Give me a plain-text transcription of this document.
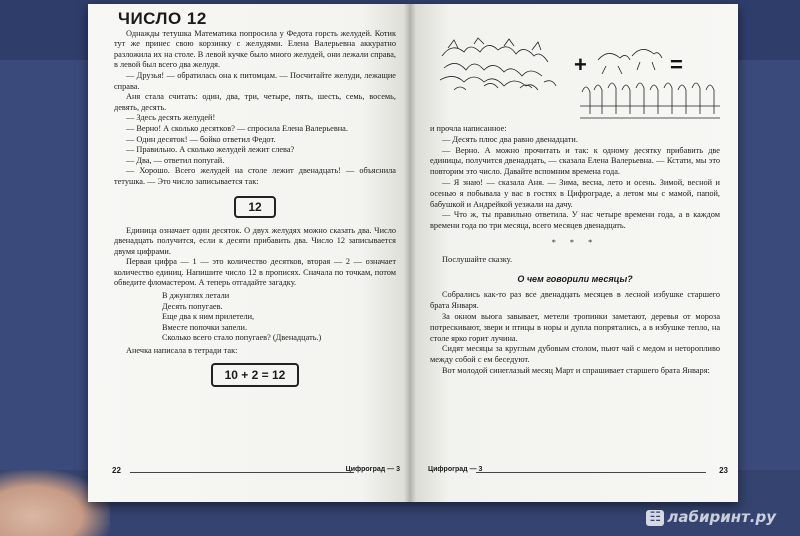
ЧИСЛО 12

Однажды тетушка Математика попросила у Федота горсть желудей. Котик тут же принес свою корзинку с желудями. Елена Валерьевна аккуратно разложила их на столе. В левой кучке было много желудей, они лежали справа, в левой был всего два желудя.

— Друзья! — обратилась она к питомцам. — Посчитайте желуди, лежащие справа.

Аня стала считать: один, два, три, четыре, пять, шесть, семь, восемь, девять, десять.

— Здесь десять желудей!

— Верно! А сколько десятков? — спросила Елена Валерьевна.

— Один десяток! — бойко ответил Федот.

— Правильно. А сколько желудей лежит слева?

— Два, — ответил попугай.

— Хорошо. Всего желудей на столе лежит двенадцать! — объяснила тетушка. — Это число записывается так:

12

Единица означает один десяток. О двух желудях можно сказать два. Число двенадцать получится, если к десяти прибавить два. Число 12 записывается двумя цифрами.

Первая цифра — 1 — это количество десятков, вторая — 2 — означает количество единиц. Напишите число 12 в прописях. Сначала по точкам, потом обведите фломастером. А теперь отгадайте загадку.

В джунглях летали
Десять попугаев.
Еще два к ним прилетели,
Вместе попочки запели.
Сколько всего стало попугаев? (Двенадцать.)

Анечка написала в тетради так:

10 + 2 = 12
22	Цифроград — 3
+	=

и прочла написанное:

— Десять плюс два равно двенадцати.

— Верно. А можно прочитать и так: к одному десятку прибавить две единицы, получится двенадцать, — сказала Елена Валерьевна. — Кстати, мы это повторим это число. Давайте вспомним времена года.

— Я знаю! — сказала Аня. — Зима, весна, лето и осень. Зимой, весной и осенью я побывала у вас в гостях в Цифрограде, а летом мы с мамой, папой, бабушкой и Андрейкой уезжали на дачу.

— Что ж, ты правильно ответила. У нас четыре времени года, а в каждом времени года по три месяца, всего месяцев двенадцать.

* * *

Послушайте сказку.

О чем говорили месяцы?

Собрались как-то раз все двенадцать месяцев в лесной избушке старшего брата Января.

За окном вьюга завывает, метели тропинки заметают, деревья от мороза потрескивают, звери и птицы в норы и дупла попрятались, а в избушке тепло, на столе ярко горит лучина.

Сидят месяцы за круглым дубовым столом, пьют чай с медом и неторопливо между собой с ем беседуют.

Вот молодой синеглазый месяц Март и спрашивает старшего брата Января:

Цифроград — 3	23
☷ лабиринт.ру
